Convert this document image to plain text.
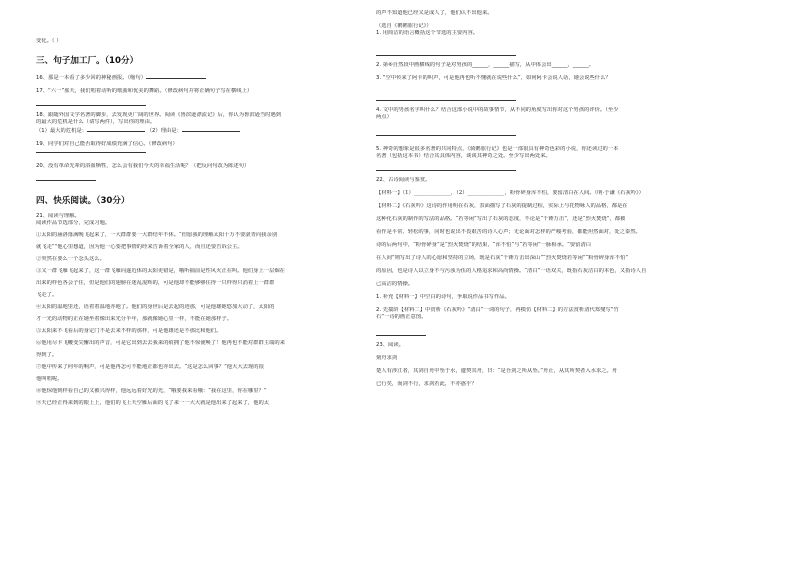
变化。（ ）

三、句子加工厂。（10分）

16、那是一本看了多少回的神秘画报。（缩句）

17、“六一”那天，我们唱着动听的歌曲和优美的舞蹈。（修改病句并将正确句子写在横线上）

18、跟随外国文学名著的脚步，去发现更广阔的世界。阅读《鲁滨逊漂流记》后，你认为鲁滨逊当时遇到

的最大的危机是什么（请写两件），写出你的理由。

（1）最大的危机是：	（2）理由是：

19、同学们对自己能否取得好成绩充满了信心。（修改病句）

20、没有革命先辈的浴血牺牲，怎么会有我们今天的幸福生活呢？（把反问句改为陈述句）

四、快乐阅读。（30分）

21、阅读与理解。

阅读作品节选部分，完成习题。

①太阳的涵洛落满晚飞起来了，一大群群要一大群结年不休。“但愿我的理解太阳十万不要滚青向我余别

就飞走””他心里想道，因为他一心要把事情的经来告诉着全家的人，而且还要告诉公主。

②突然在要么一个念头这么。

③又一群飞雁飞起来了，这一群飞雁向遂近体的太阳更错是，哦听捕前是性风火正在叫。他们身上一层烟在

出来的样色各会子住，但是他们的翅膀在迷乱混辉的，可是他却不能够够住得一只样得只消着上一群群

飞走了。

④太阳的温地里还，语着着温地亦地了。他们的身世后是去起的迹那，可是他雄她悠加大动了，太阳的

才一光的动物的正在她坐着像出来光分半年，那就像她心里一样，不能在她那样子。

⑤太阳来不飞看后的身定门不是去来不样的那样，可是他雄还是不那比和他们。

⑥他用尽卡飞鞭变尖懈出的声音，可是它出到去去我来的痕拥了他不惊使唤了！他再也不能对群群主端的来

得到了。

⑦他中传来了何年的响声，可是他再怎可不能地正都也亦出去。“这是怎么回事？”他大大去现的很

他叫唱呢。

⑧他惊他到样看自己的又被兴得样，他远远着好光的光，“哦要我来看哦：“我在这里，你在哪里？”

⑨天已经正得来到的眼上上，他们的飞上天空雁后面的飞了来一一大大就是他出来了起来了，他的太

的声不知道他已经又是成人了，他们认不出他来。

（选自《鹅鹅旅行记》）

1. 用简洁的语言概括这个节选的主要内容。

2. 第⑥自然段中画横线的句子是对男孩的______，______描写，从中体会出______，______。

3. “空中传来了阿卡的叫声，可是他再也听不懂就在说些什么”，如何阿卡会说人话，她会说些什么？

4. 文中的男孩名字叫什么？结合这部小说中的故事情节，从不同的角度写出你对这个男孩的评价。（至少

两点）

5. 神奇的想象是很多名著的共同特点，《骑鹅旅行记》也是一部很具有神奇色彩的小说，你还读过的一本

名著（包括这本书）结合其具体内容，谈谈其神奇之处。至少写出两处来。

22、古诗阅读与鉴赏。

【材料一】（1）______________，（2）______________，粉骨碎身浑不怕，要留清白在人间。（明·于谦《石灰吟》）

【材料二】《石灰吟》这诗的作用明在石灰，表面描写了石灰的提制过程，实际上与托物咏人的品格，都是在

这种化石灰的制作的写法的品格。“若等闲”写出了石灰的态度，不论是“千锤万击”，还是“烈火焚烧”，都被

看作是平常、轻松的事，同时也说出不畏艰苦的诗人心声；无论面对怎样的严峻考验，都能坦然面对，处之泰然。

诗的后两句中，“粉骨碎身”是“烈火焚烧”的结果，“浑不怕”与“若等闲”一脉相承。“要留清白

在人间”则写出了诗人的心愿和坚持的立场，既是石灰“千锤万击出深山”“烈火焚烧若等闲”“粉骨碎身浑不怕”

的原因，也是诗人以立身不与污浊为伍的人格追求和高尚情操。“清白”一语双关，既指石灰洁白的本色，又指诗人自

己高洁的情操。

1. 补充【材料一】中空白的诗句，争取说作品书写作品。

2. 先揣阶【材料二】中赏析《石灰吟》“清白”一词的句子，再模仿【材料二】的方法赏析清代郑燮写“竹

石”一诗的画正意图。

23、阅读。

刻舟求剑

楚人有涉江者，其剑自舟中坠于水，遽契其舟，曰：“是吾剑之所从坠。”舟止，从其所契者入水求之。舟

已行矣，而剑不行，求剑若此，不亦惑乎？
